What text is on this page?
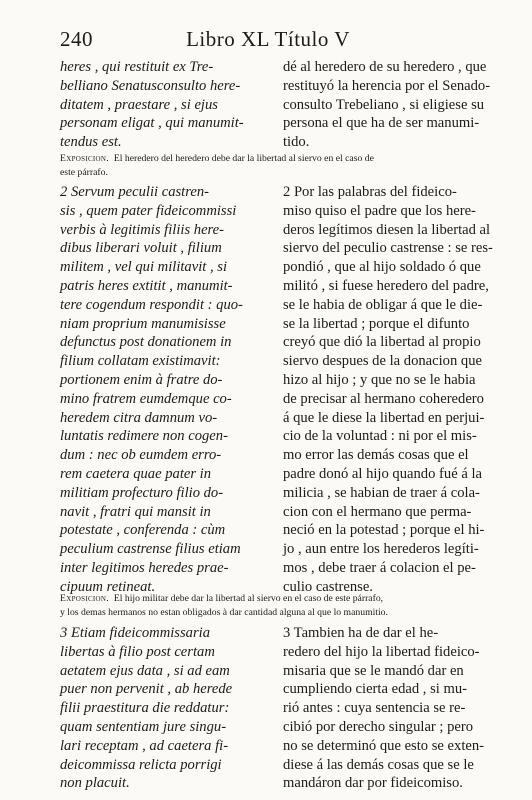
240	Libro XL Título V
heres , qui restituit ex Tre-
belliano Senatusconsulto here-
ditatem , praestare , si ejus
personam eligat , qui manumit-
tendus est.
dé al heredero de su heredero , que
restituyó la herencia por el Senado-
consulto Trebeliano , si eligiese su
persona el que ha de ser manumi-
tido.
Exposicion. El heredero del heredero debe dar la libertad al siervo en el caso de
este párrafo.
2 Servum peculii castren-
sis , quem pater fideicommissi
verbis à legitimis filiis here-
dibus liberari voluit , filium
militem , vel qui militavit , si
patris heres extitit , manumit-
tere cogendum respondit : quo-
niam proprium manumisisse
defunctus post donationem in
filium collatam existimavit:
portionem enim à fratre do-
mino fratrem eumdemque co-
heredem citra damnum vo-
luntatis redimere non cogen-
dum : nec ob eumdem erro-
rem caetera quae pater in
militiam profecturo filio do-
navit , fratri qui mansit in
potestate , conferenda : cùm
peculium castrense filius etiam
inter legitimos heredes prae-
cipuum retineat.
2 Por las palabras del fideico-
miso quiso el padre que los here-
deros legítimos diesen la libertad al
siervo del peculio castrense : se res-
pondió , que al hijo soldado ó que
militó , si fuese heredero del padre,
se le habia de obligar á que le die-
se la libertad ; porque el difunto
creyó que dió la libertad al propio
siervo despues de la donacion que
hizo al hijo ; y que no se le habia
de precisar al hermano coheredero
á que le diese la libertad en perjui-
cio de la voluntad : ni por el mis-
mo error las demás cosas que el
padre donó al hijo quando fué á la
milicia , se habian de traer á cola-
cion con el hermano que perma-
neció en la potestad ; porque el hi-
jo , aun entre los herederos legíti-
mos , debe traer á colacion el pe-
culio castrense.
Exposicion. El hijo militar debe dar la libertad al siervo en el caso de este párrafo,
y los demas hermanos no estan obligados à dar cantidad alguna al que lo manumitio.
3 Etiam fideicommissaria
libertas à filio post certam
aetatem ejus data , si ad eam
puer non pervenit , ab herede
filii praestitura die reddatur:
quam sententiam jure singu-
lari receptam , ad caetera fi-
deicommissa relicta porrigi
non placuit.
3 Tambien ha de dar el he-
redero del hijo la libertad fideico-
misaria que se le mandó dar en
cumpliendo cierta edad , si mu-
rió antes : cuya sentencia se re-
cibió por derecho singular ; pero
no se determinó que esto se exten-
diese á las demás cosas que se le
mandáron dar por fideicomiso.
